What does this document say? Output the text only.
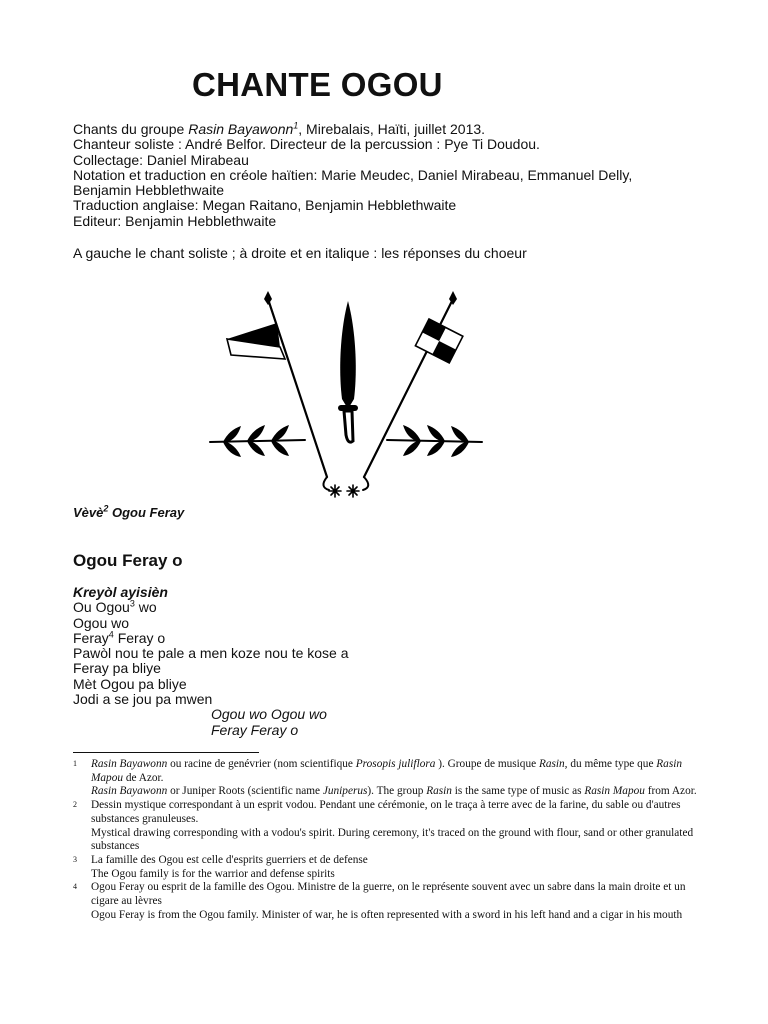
CHANTE OGOU
Chants du groupe Rasin Bayawonn$^1$, Mirebalais, Haïti, juillet 2013.
Chanteur soliste : André Belfor. Directeur de la percussion : Pye Ti Doudou.
Collectage: Daniel Mirabeau
Notation et traduction en créole haïtien: Marie Meudec, Daniel Mirabeau, Emmanuel Delly,
Benjamin Hebblethwaite
Traduction anglaise: Megan Raitano, Benjamin Hebblethwaite
Editeur: Benjamin Hebblethwaite
A gauche le chant soliste ; à droite et en italique : les réponses du choeur
Vèvè$^2$ Ogou Feray
Ogou Feray o
Kreyòl ayisièn
Ou Ogou$^3$ wo
Ogou wo
Feray$^4$ Feray o
Pawòl nou te pale a men koze nou te kose a
Feray pa bliye
Mèt Ogou pa bliye
Jodi a se jou pa mwen
Ogou wo Ogou wo
Feray Feray o
1 Rasin Bayawonn ou racine de genévrier (nom scientifique Prosopis juliflora ). Groupe de musique Rasin, du même type que Rasin Mapou de Azor.
Rasin Bayawonn or Juniper Roots (scientific name Juniperus). The group Rasin is the same type of music as Rasin Mapou from Azor.
2 Dessin mystique correspondant à un esprit vodou. Pendant une cérémonie, on le traça à terre avec de la farine, du sable ou d'autres substances granuleuses.
Mystical drawing corresponding with a vodou's spirit. During ceremony, it's traced on the ground with flour, sand or other granulated substances
3 La famille des Ogou est celle d'esprits guerriers et de defense
The Ogou family is for the warrior and defense spirits
4 Ogou Feray ou esprit de la famille des Ogou. Ministre de la guerre, on le représente souvent avec un sabre dans la main droite et un cigare au lèvres
Ogou Feray is from the Ogou family. Minister of war, he is often represented with a sword in his left hand and a cigar in his mouth
